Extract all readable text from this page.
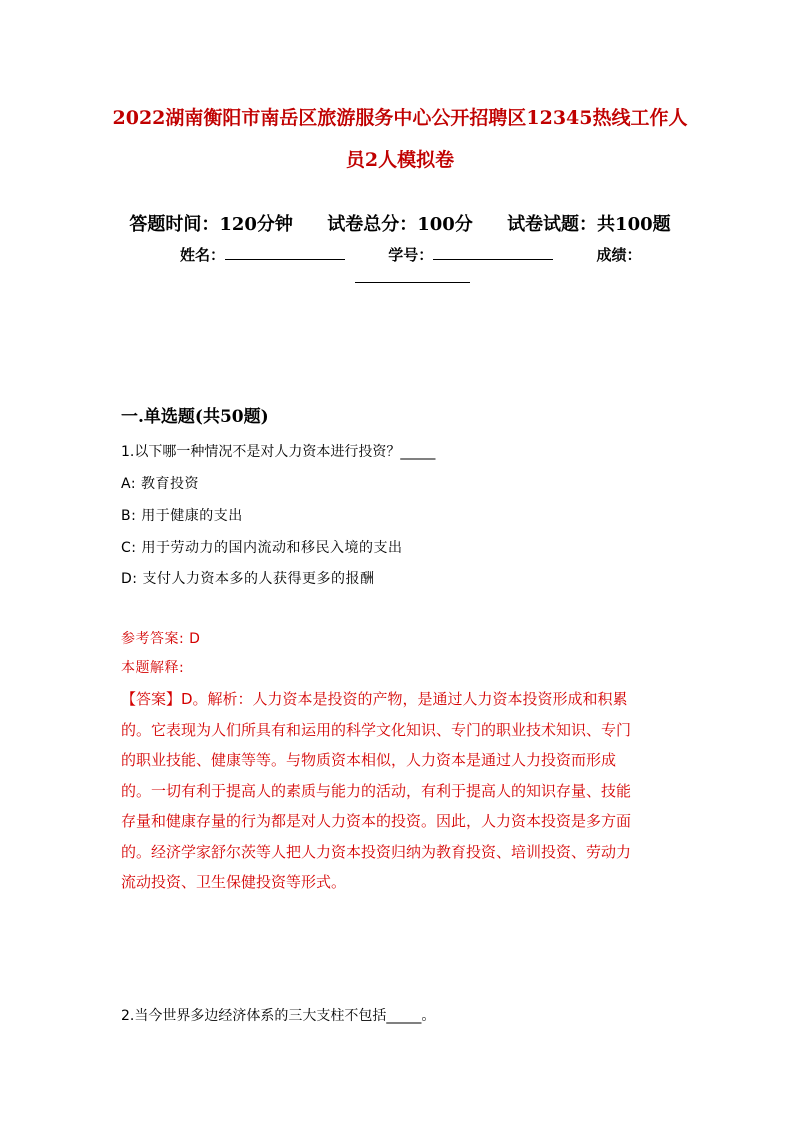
2022湖南衡阳市南岳区旅游服务中心公开招聘区12345热线工作人
员2人模拟卷
答题时间：120分钟 试卷总分：100分 试卷试题：共100题
姓名：	学号：	成绩：
一.单选题(共50题)
1.以下哪一种情况不是对人力资本进行投资？_____
A: 教育投资
B: 用于健康的支出
C: 用于劳动力的国内流动和移民入境的支出
D: 支付人力资本多的人获得更多的报酬
参考答案: D
本题解释:
【答案】D。解析：人力资本是投资的产物，是通过人力资本投资形成和积累
的。它表现为人们所具有和运用的科学文化知识、专门的职业技术知识、专门
的职业技能、健康等等。与物质资本相似，人力资本是通过人力投资而形成
的。一切有利于提高人的素质与能力的活动，有利于提高人的知识存量、技能
存量和健康存量的行为都是对人力资本的投资。因此，人力资本投资是多方面
的。经济学家舒尔茨等人把人力资本投资归纳为教育投资、培训投资、劳动力
流动投资、卫生保健投资等形式。
2.当今世界多边经济体系的三大支柱不包括_____。
